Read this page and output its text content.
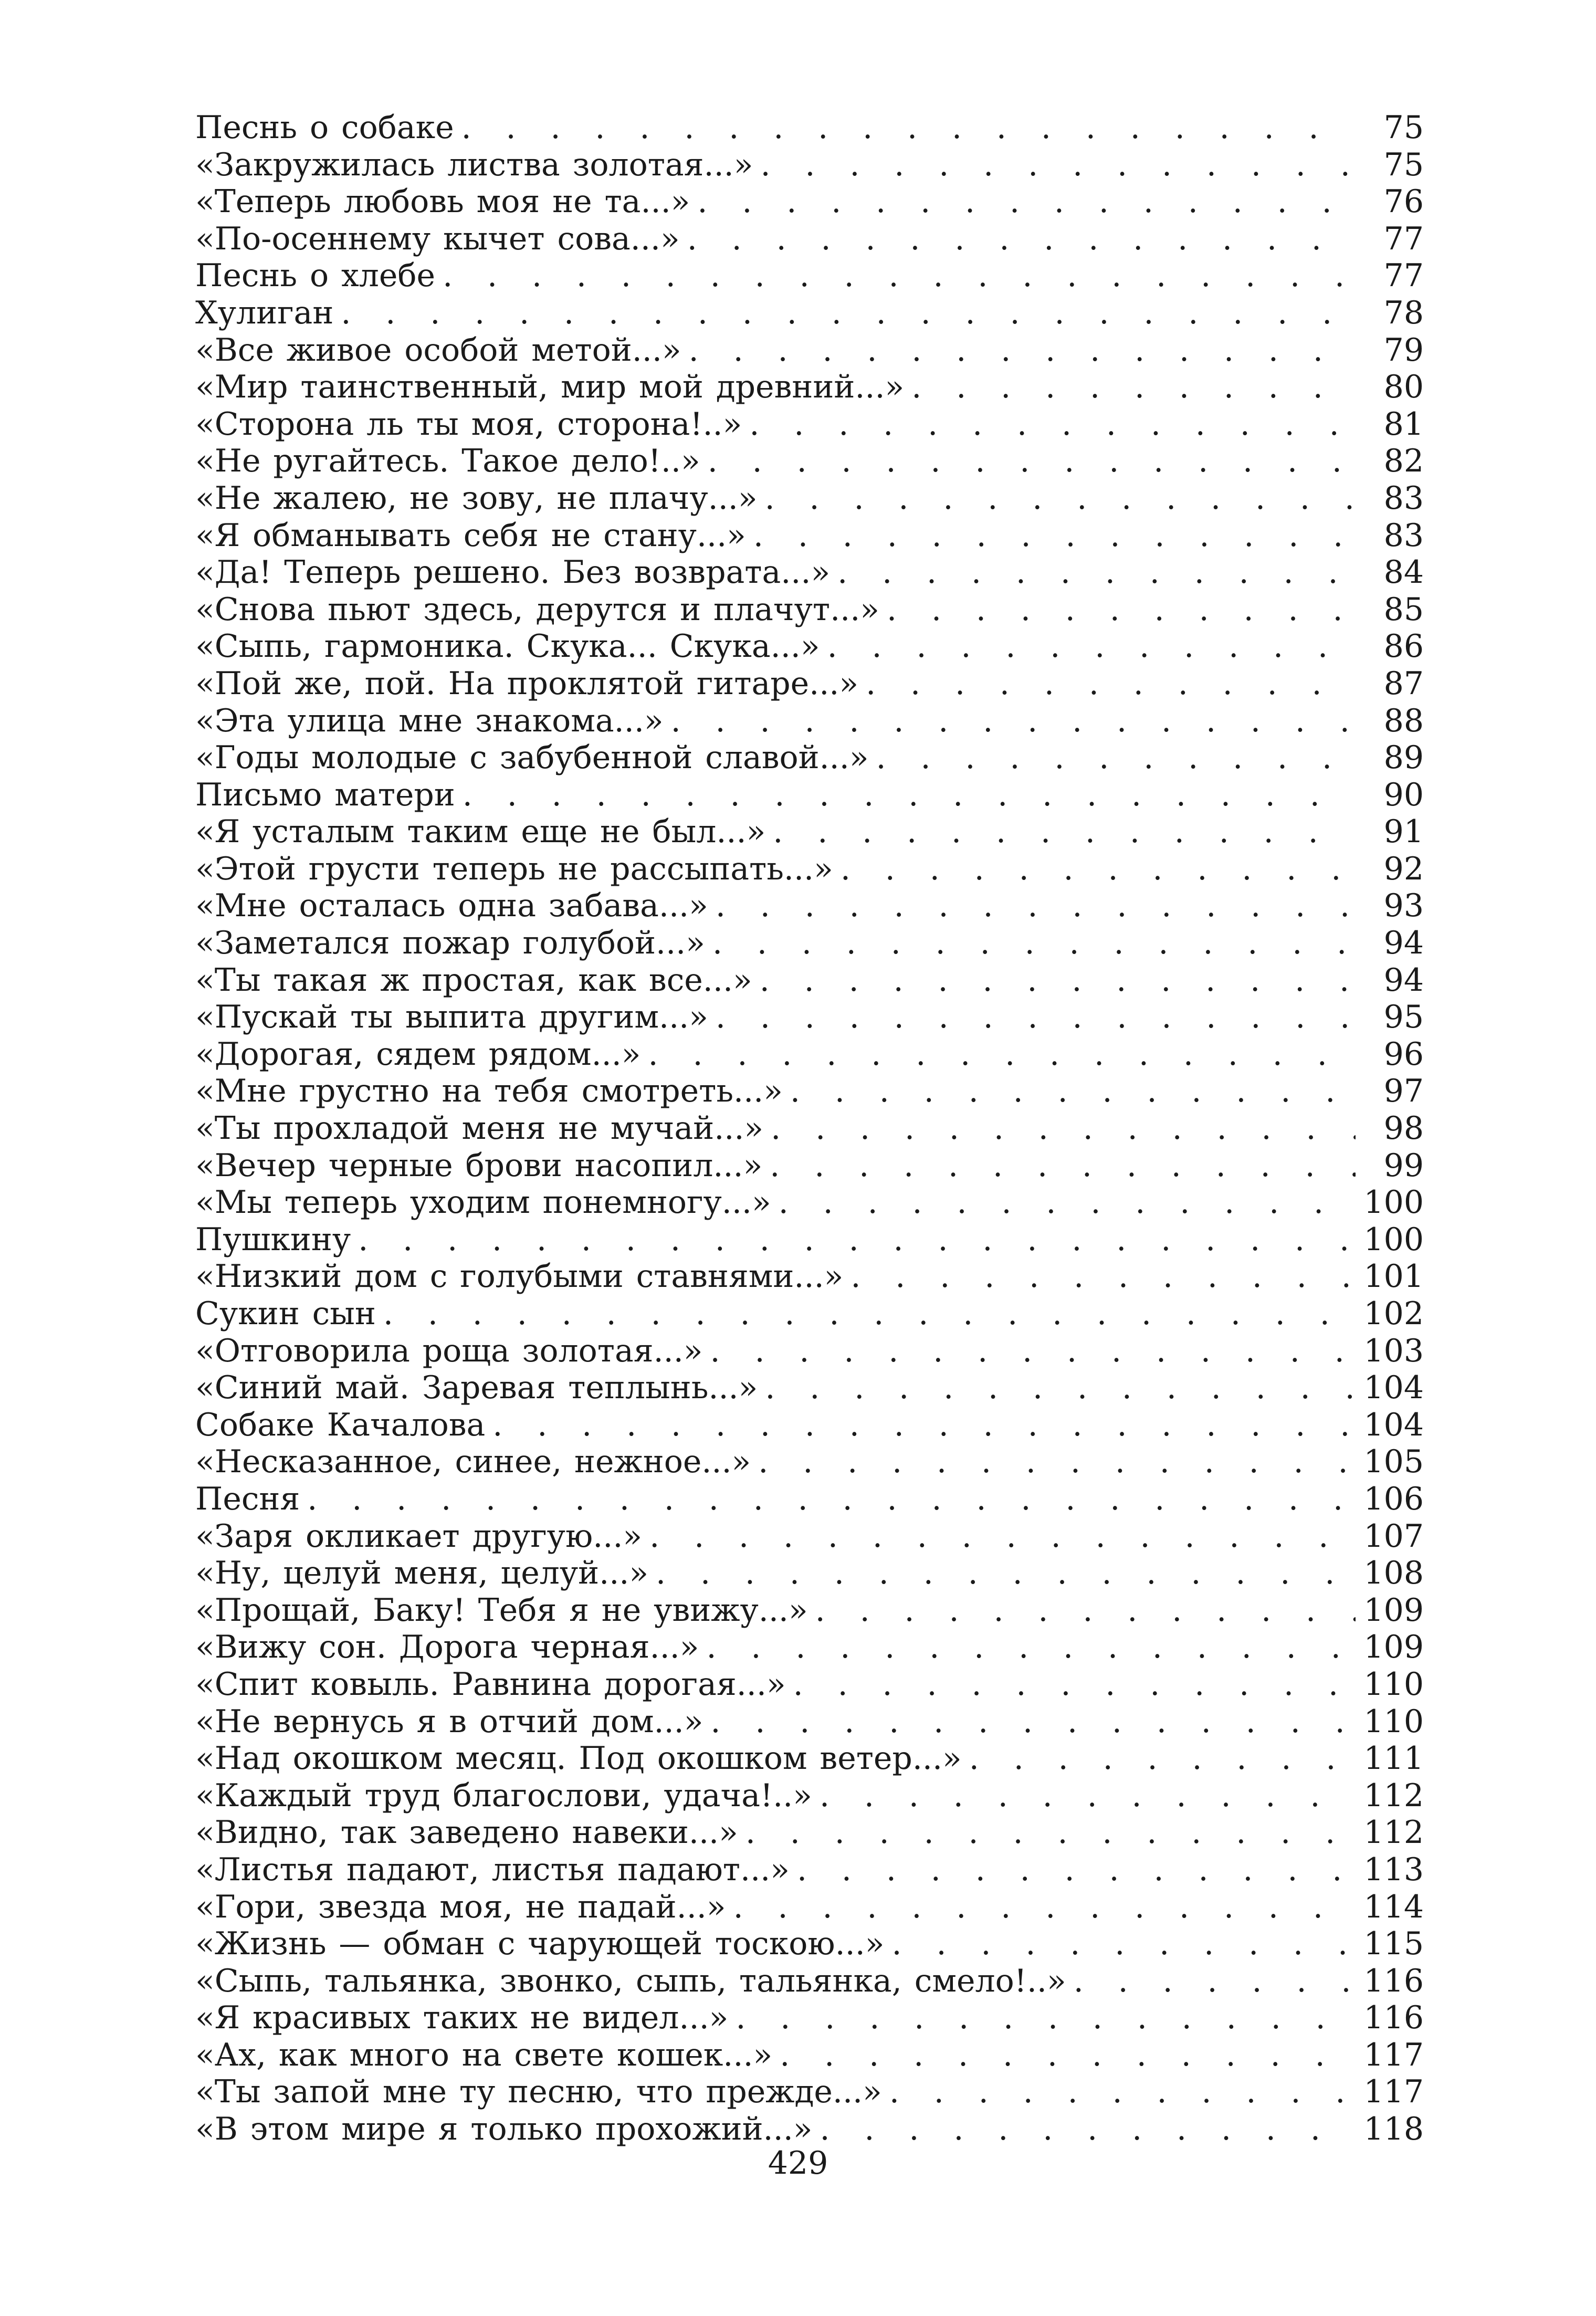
Песнь о собаке . . .	75
«Закружилась листва золотая...» . . .	75
«Теперь любовь моя не та...» . . .	76
«По-осеннему кычет сова...» . . .	77
Песнь о хлебе . . .	77
Хулиган . . .	78
«Все живое особой метой...» . . .	79
«Мир таинственный, мир мой древний...» . . .	80
«Сторона ль ты моя, сторона!..» . . .	81
«Не ругайтесь. Такое дело!..» . . .	82
«Не жалею, не зову, не плачу...» . . .	83
«Я обманывать себя не стану...» . . .	83
«Да! Теперь решено. Без возврата...» . . .	84
«Снова пьют здесь, дерутся и плачут...» . . .	85
«Сыпь, гармоника. Скука... Скука...» . . .	86
«Пой же, пой. На проклятой гитаре...» . . .	87
«Эта улица мне знакома...» . . .	88
«Годы молодые с забубенной славой...» . . .	89
Письмо матери . . .	90
«Я усталым таким еще не был...» . . .	91
«Этой грусти теперь не рассыпать...» . . .	92
«Мне осталась одна забава...» . . .	93
«Заметался пожар голубой...» . . .	94
«Ты такая ж простая, как все...» . . .	94
«Пускай ты выпита другим...» . . .	95
«Дорогая, сядем рядом...» . . .	96
«Мне грустно на тебя смотреть...» . . .	97
«Ты прохладой меня не мучай...» . . .	98
«Вечер черные брови насопил...» . . .	99
«Мы теперь уходим понемногу...» . . .	100
Пушкину . . .	100
«Низкий дом с голубыми ставнями...» . . .	101
Сукин сын . . .	102
«Отговорила роща золотая...» . . .	103
«Синий май. Заревая теплынь...» . . .	104
Собаке Качалова . . .	104
«Несказанное, синее, нежное...» . . .	105
Песня . . .	106
«Заря окликает другую...» . . .	107
«Ну, целуй меня, целуй...» . . .	108
«Прощай, Баку! Тебя я не увижу...» . . .	109
«Вижу сон. Дорога черная...» . . .	109
«Спит ковыль. Равнина дорогая...» . . .	110
«Не вернусь я в отчий дом...» . . .	110
«Над окошком месяц. Под окошком ветер...» . . .	111
«Каждый труд благослови, удача!..» . . .	112
«Видно, так заведено навеки...» . . .	112
«Листья падают, листья падают...» . . .	113
«Гори, звезда моя, не падай...» . . .	114
«Жизнь — обман с чарующей тоскою...» . . .	115
«Сыпь, тальянка, звонко, сыпь, тальянка, смело!..» . . .	116
«Я красивых таких не видел...» . . .	116
«Ах, как много на свете кошек...» . . .	117
«Ты запой мне ту песню, что прежде...» . . .	117
«В этом мире я только прохожий...» . . .	118
429
